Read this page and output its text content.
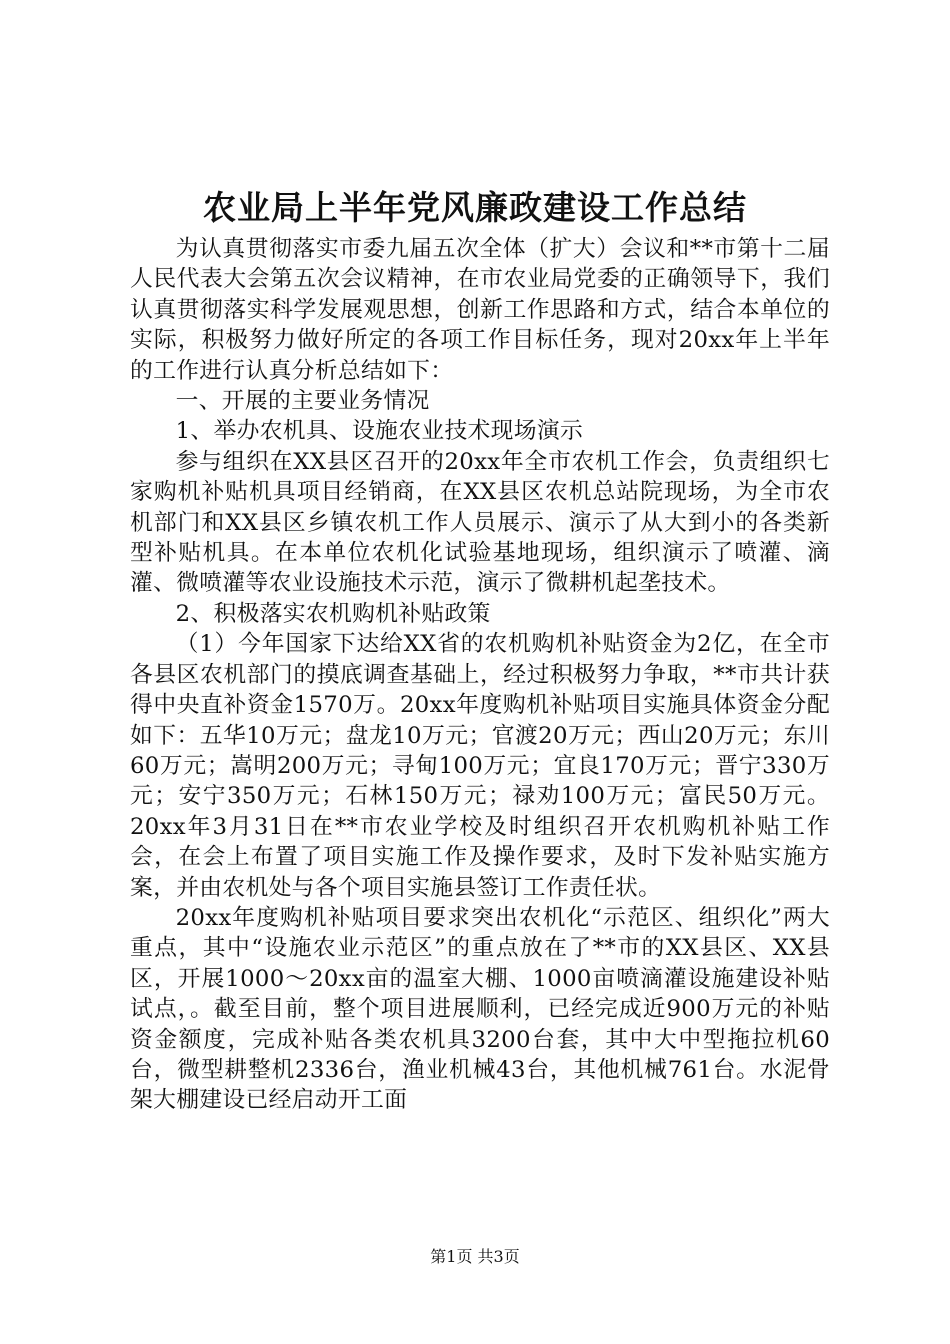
农业局上半年党风廉政建设工作总结

为认真贯彻落实市委九届五次全体（扩大）会议和**市第十二届人民代表大会第五次会议精神，在市农业局党委的正确领导下，我们认真贯彻落实科学发展观思想，创新工作思路和方式，结合本单位的实际，积极努力做好所定的各项工作目标任务，现对20xx年上半年的工作进行认真分析总结如下：

一、开展的主要业务情况

1、举办农机具、设施农业技术现场演示

参与组织在XX县区召开的20xx年全市农机工作会，负责组织七家购机补贴机具项目经销商，在XX县区农机总站院现场，为全市农机部门和XX县区乡镇农机工作人员展示、演示了从大到小的各类新型补贴机具。在本单位农机化试验基地现场，组织演示了喷灌、滴灌、微喷灌等农业设施技术示范，演示了微耕机起垄技术。

2、积极落实农机购机补贴政策

（1）今年国家下达给XX省的农机购机补贴资金为2亿，在全市各县区农机部门的摸底调查基础上，经过积极努力争取，**市共计获得中央直补资金1570万。20xx年度购机补贴项目实施具体资金分配如下：五华10万元；盘龙10万元；官渡20万元；西山20万元；东川60万元；嵩明200万元；寻甸100万元；宜良170万元；晋宁330万元；安宁350万元；石林150万元；禄劝100万元；富民50万元。20xx年3月31日在**市农业学校及时组织召开农机购机补贴工作会，在会上布置了项目实施工作及操作要求，及时下发补贴实施方案，并由农机处与各个项目实施县签订工作责任状。

20xx年度购机补贴项目要求突出农机化“示范区、组织化”两大重点，其中“设施农业示范区”的重点放在了**市的XX县区、XX县区，开展1000～20xx亩的温室大棚、1000亩喷滴灌设施建设补贴试点，。截至目前，整个项目进展顺利，已经完成近900万元的补贴资金额度，完成补贴各类农机具3200台套，其中大中型拖拉机60台，微型耕整机2336台，渔业机械43台，其他机械761台。水泥骨架大棚建设已经启动开工面

第1页 共3页
